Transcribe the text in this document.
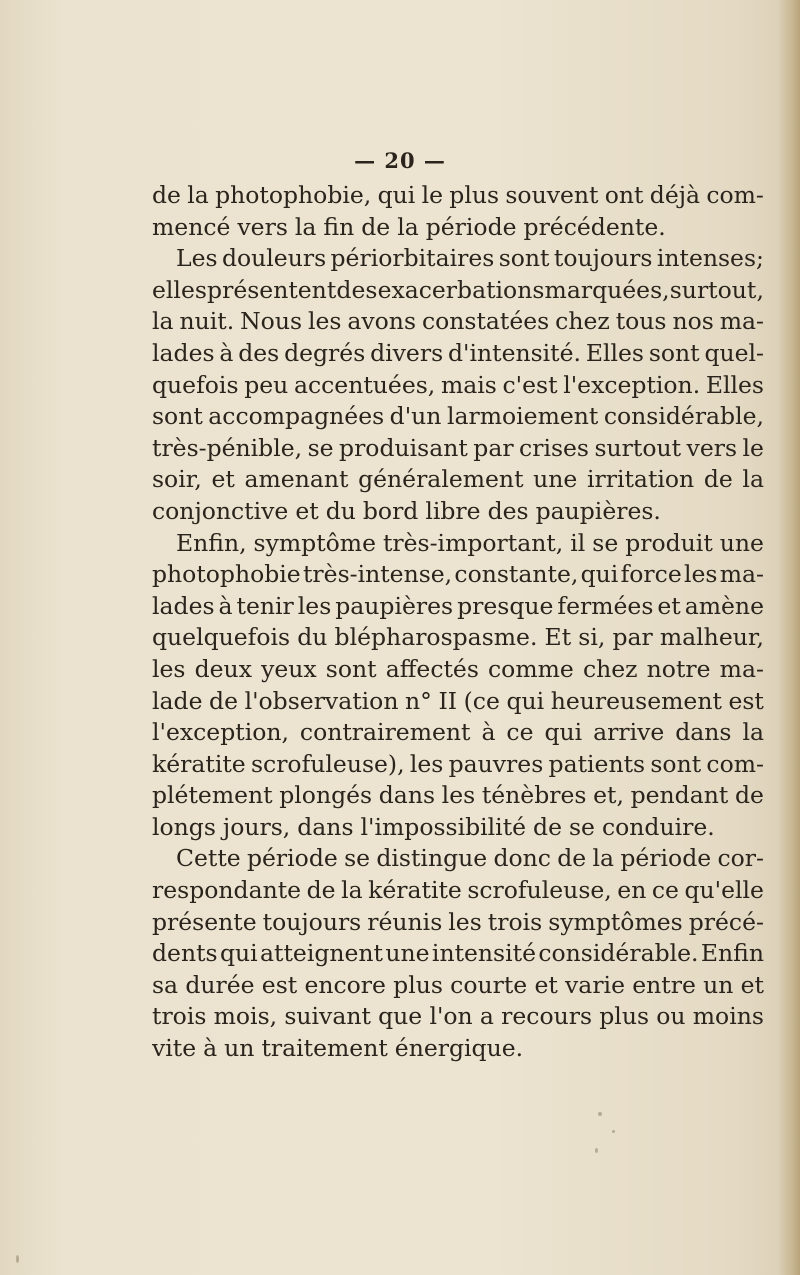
— 20 —
de la photophobie, qui le plus souvent ont déjà com-
mencé vers la fin de la période précédente.
Les douleurs périorbitaires sont toujours intenses;
elles présentent des exacerbations marquées, surtout ,
la nuit. Nous les avons constatées chez tous nos ma-
lades à des degrés divers d'intensité. Elles sont quel-
quefois peu accentuées, mais c'est l'exception. Elles
sont accompagnées d'un larmoiement considérable,
très-pénible, se produisant par crises surtout vers le
soir, et amenant généralement une irritation de la
conjonctive et du bord libre des paupières.
Enfin, symptôme très-important, il se produit une
photophobie très-intense, constante, qui force les ma-
lades à tenir les paupières presque fermées et amène
quelquefois du blépharospasme. Et si, par malheur,
les deux yeux sont affectés comme chez notre ma-
lade de l'observation n° II (ce qui heureusement est
l'exception, contrairement à ce qui arrive dans la
kératite scrofuleuse), les pauvres patients sont com-
plétement plongés dans les ténèbres et, pendant de
longs jours, dans l'impossibilité de se conduire.
Cette période se distingue donc de la période cor-
respondante de la kératite scrofuleuse, en ce qu'elle
présente toujours réunis les trois symptômes précé-
dents qui atteignent une intensité considérable. Enfin
sa durée est encore plus courte et varie entre un et
trois mois, suivant que l'on a recours plus ou moins
vite à un traitement énergique.
